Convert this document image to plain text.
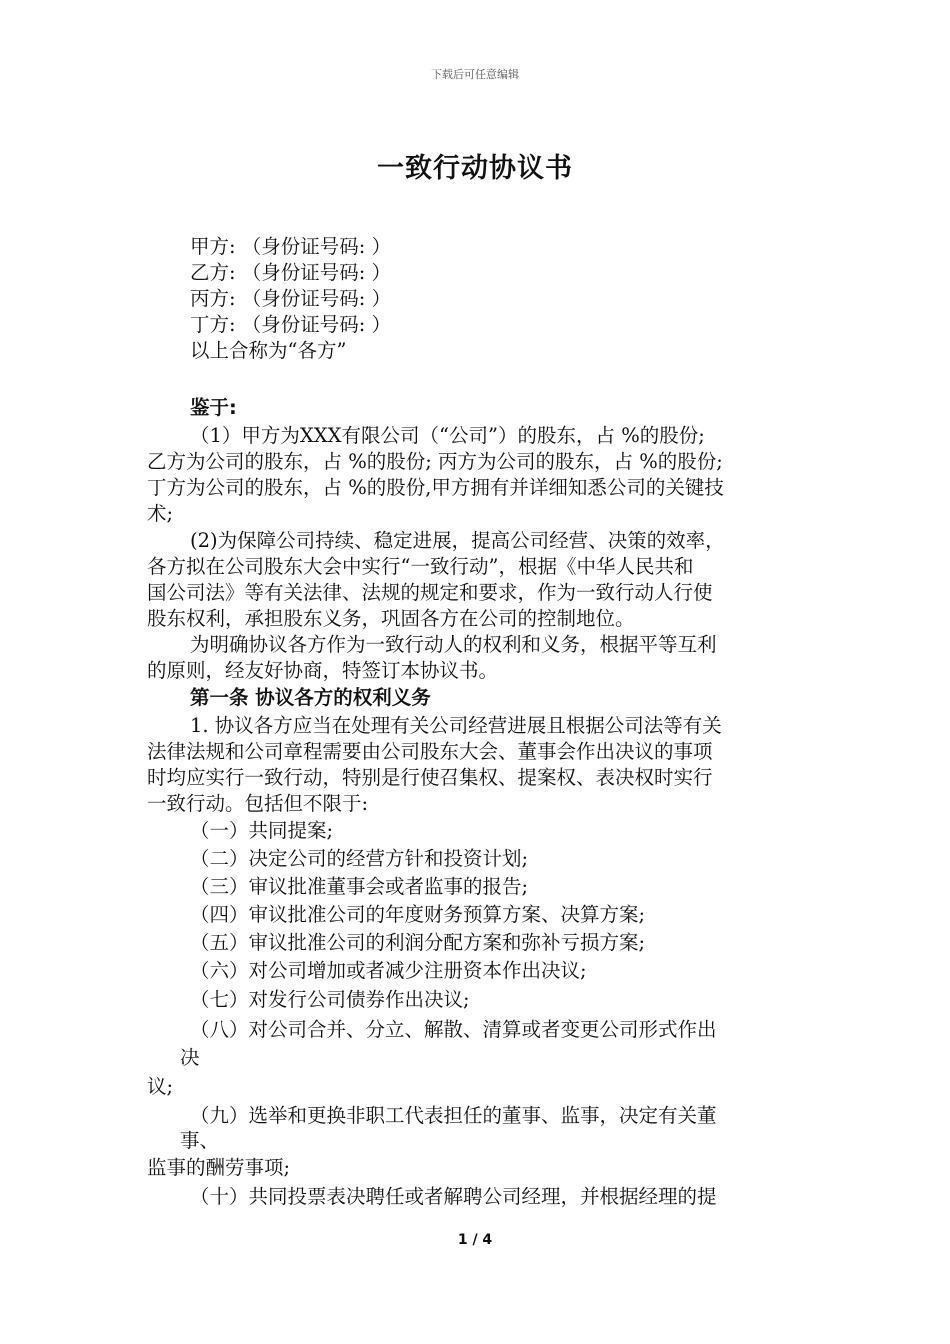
下载后可任意编辑
一致行动协议书
甲方: （身份证号码: ）
乙方: （身份证号码: ）
丙方: （身份证号码: ）
丁方: （身份证号码: ）
以上合称为“各方”
鉴于:
（1）甲方为XXX有限公司（“公司”）的股东，占 %的股份;
乙方为公司的股东，占 %的股份; 丙方为公司的股东，占 %的股份;
丁方为公司的股东，占 %的股份,甲方拥有并详细知悉公司的关键技
术;
(2)为保障公司持续、稳定进展，提高公司经营、决策的效率，
各方拟在公司股东大会中实行“一致行动”，根据《中华人民共和
国公司法》等有关法律、法规的规定和要求，作为一致行动人行使
股东权利，承担股东义务，巩固各方在公司的控制地位。
为明确协议各方作为一致行动人的权利和义务，根据平等互利
的原则，经友好协商，特签订本协议书。
第一条 协议各方的权利义务
1. 协议各方应当在处理有关公司经营进展且根据公司法等有关
法律法规和公司章程需要由公司股东大会、董事会作出决议的事项
时均应实行一致行动，特别是行使召集权、提案权、表决权时实行
一致行动。包括但不限于:
（一）共同提案;
（二）决定公司的经营方针和投资计划;
（三）审议批准董事会或者监事的报告;
（四）审议批准公司的年度财务预算方案、决算方案;
（五）审议批准公司的利润分配方案和弥补亏损方案;
（六）对公司增加或者减少注册资本作出决议;
（七）对发行公司债券作出决议;
（八）对公司合并、分立、解散、清算或者变更公司形式作出
决
议;
（九）选举和更换非职工代表担任的董事、监事，决定有关董
事、
监事的酬劳事项;
（十）共同投票表决聘任或者解聘公司经理，并根据经理的提
1 / 4
